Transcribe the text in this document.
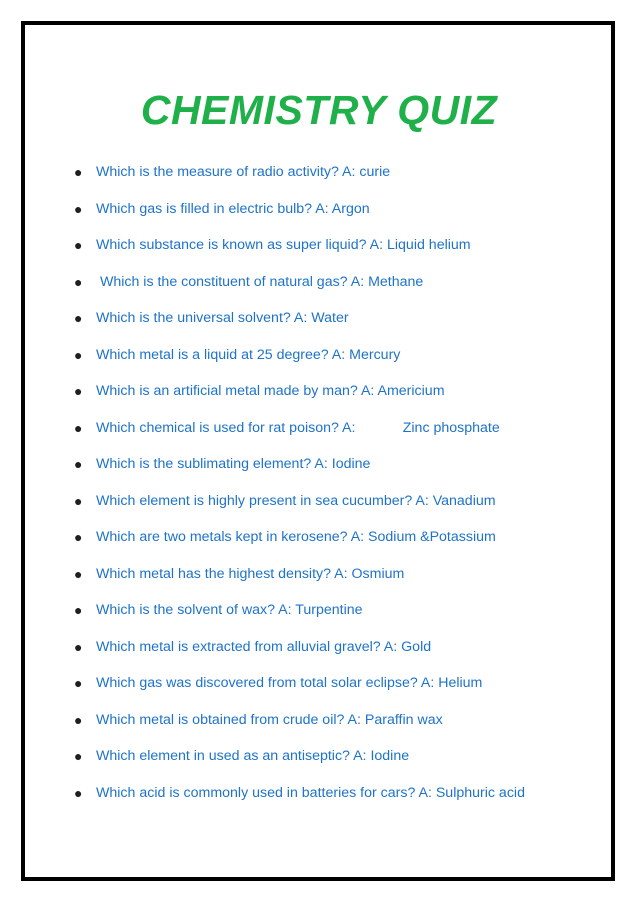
CHEMISTRY QUIZ
● Which is the measure of radio activity? A: curie
● Which gas is filled in electric bulb? A: Argon
● Which substance is known as super liquid? A: Liquid helium
● Which is the constituent of natural gas? A: Methane
● Which is the universal solvent? A: Water
● Which metal is a liquid at 25 degree? A: Mercury
● Which is an artificial metal made by man? A: Americium
● Which chemical is used for rat poison? A:            Zinc phosphate
● Which is the sublimating element? A: Iodine
● Which element is highly present in sea cucumber? A: Vanadium
● Which are two metals kept in kerosene? A: Sodium &Potassium
● Which metal has the highest density? A: Osmium
● Which is the solvent of wax? A: Turpentine
● Which metal is extracted from alluvial gravel? A: Gold
● Which gas was discovered from total solar eclipse? A: Helium
● Which metal is obtained from crude oil? A: Paraffin wax
● Which element in used as an antiseptic? A: Iodine
● Which acid is commonly used in batteries for cars? A: Sulphuric acid
